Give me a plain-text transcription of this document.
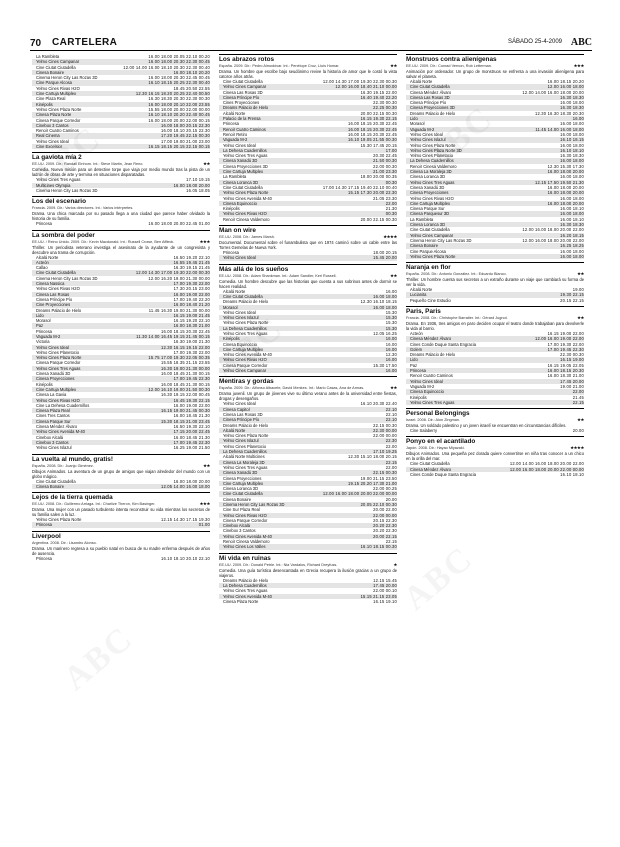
70 CARTELERA	SÁBADO 25-4-2009 ABC
La Rambleta	16.00 18.00 20.05 22.10 00.20
Yelmo Cines Campanar	16.00 18.00 20.30 22.30 00.45
Cine Ciutat Ciutadella	12.00 14.00 16.00 18.10 20.30 22.30 00.40
Cinesa Bonaire	16.00 18.10 20.20
Cinema Heron City Las Rozas 3D	16.00 18.00 20.30 22.45 00.45
Cine Parque Alcosa	16.10 18.15 20.25 22.30 00.40
Yelmo Cines Rivas H2O	18.45 20.50 22.55
Cine Cartuja Multiplex	12.30 16.15 18.20 20.25 22.40 00.50
Cine Plaza Real	16.30 18.30 20.30 22.30 00.30
Kinépolis	16.00 18.00 20.10 22.00 23.55
Yelmo Cines Plaza Norte	15.55 18.00 20.00 22.00 00.00
Cinesa Plaza Norte	16.10 18.10 20.20 22.40 00.45
Cinesa Parque Corredor	16.00 18.00 20.00 22.00 00.15
Cinebox 3 Cantos	16.00 18.00 20.15 22.30
Renoir Cuatro Caminos	16.00 18.10 20.15 22.30
Real Cinema	17.20 19.45 22.15 00.30
Yelmo Cines Ideal	17.00 19.00 21.00 23.00
Cine Excelsior	16.15 18.15 20.15 22.15 00.15
La gaviota mía 2
EE.UU. 2009. Dir.: Randall Einhorn. Int.: Steve Martin, Jean Reno.	★★
Comedia. Nueva misión para un detective torpe que viaja por medio mundo tras la pista de un ladrón de obras de arte y termina en situaciones disparatadas.
Yelmo Cines Tres Aguas	17.10 19.15
Multicines Olympia	16.00 18.00 20.00
Cinema Heron City Las Rozas 3D	16.05 18.05
Los del escenario
Francia. 2009. Dir.: Varios directores. Int.: Varios intérpretes.
Drama. Una chica marcada por su pasado llega a una ciudad que parece haber olvidado la historia de su familia.
Princesa	16.00 18.00 20.00 22.45 01.00
La sombra del poder
EE.UU. / Reino Unido. 2009. Dir.: Kevin Macdonald. Int.: Russell Crowe, Ben Affleck.	★★★
Thriller. Un periodista veterano investiga el asesinato de la ayudante de un congresista y descubre una trama de corrupción.
Alcalá Norte	16.50 19.20 22.10
Acteón	16.55 19.45 21.45
Callao	16.30 19.15 21.45
Cine Ciutat Ciutadella	12.00 14.30 17.00 19.30 22.00 00.30
Cinema Heron City Las Rozas 3D	12.00 16.20 19.00 21.30 00.00
Cinesa Nassica	17.00 19.30 22.00
Yelmo Cines Rivas H2O	17.30 20.15 23.00
Cinesa Las Rosas	16.00 19.00 22.00
Cinesa Príncipe Pío	17.00 19.40 22.20
Cine Proyecciones	16.00 18.40 21.20
Dreams Palacio de Hielo	11.45 16.30 19.00 21.30 00.00
Lido	16.15 19.00 21.45
Morasol	16.15 19.20 22.10
Paz	16.00 18.30 21.00
Princesa	16.00 18.15 20.30 22.45
Vaguada M-2	11.30 14.00 16.45 19.15 21.45 00.15
Victoria	16.30 19.00 21.30
Yelmo Cines Ideal	12.30 16.15 19.15 22.00
Yelmo Cines Planetocio	17.00 19.30 22.00
Yelmo Cines Plaza Norte	15.75 17.00 19.30 22.05 00.35
Cinesa Parque Corredor	15.55 18.35 21.15 23.55
Yelmo Cines Tres Aguas	16.30 19.00 21.30 00.00
Cinesa Xanadú 3D	16.00 18.45 21.30 00.15
Cinesa Proyecciones	17.00 19.45 22.30
Kinépolis	16.00 18.45 21.30 00.15
Cine Cartuja Multiplex	12.00 16.10 19.00 21.50 00.30
Cinesa La Gavia	16.30 19.15 22.00 00.45
Yelmo Cines Rivas H2O	16.45 19.30 22.15
Cine La Dehesa Cuadernillos	16.00 19.00 22.00
Cinesa Plaza Real	16.15 19.00 21.45 00.30
Cines Tres Cantos	16.00 18.45 21.30
Cinesa Parque Sur	15.30 18.15 21.00 23.45
Cinesa Méndez Álvaro	16.50 19.30 22.10
Yelmo Cines Avenida M-40	17.15 20.00 22.45
Cinebox Alcalá	16.00 18.45 21.30
Cinebox 3 Cantos	17.00 19.45 22.30
Yelmo Cines Islazul	16.25 19.00 21.50
La vuelta al mundo, gratis!
España. 2008. Dir.: Juanjo Giménez.	★★
Dibujos Animados. La aventura de un grupo de amigos que viajan alrededor del mundo con un globo mágico.
Cine Ciutat Ciutadella	16.00 18.00 20.00
Cinesa Bonaire	12.05 14.00 16.00 18.00
Lejos de la tierra quemada
EE.UU. 2008. Dir.: Guillermo Arriaga. Int.: Charlize Theron, Kim Basinger.	★★★
Drama. Una mujer con un pasado turbulento intenta reconstruir su vida mientras los secretos de su familia salen a la luz.
Yelmo Cines Plaza Norte	12.15 14.30 17.15 19.30
Princesa	01.00
Liverpool
Argentina. 2008. Dir.: Lisandro Alonso.
Drama. Un marinero regresa a su pueblo natal en busca de su madre enferma después de años de ausencia.
Princesa	16.10 18.10 20.10 22.10
Los abrazos rotos
España. 2009. Dir.: Pedro Almodóvar. Int.: Penélope Cruz, Lluís Homar.	★★
Drama. Un hombre que escribe bajo seudónimo revive la historia de amor que le costó la vista catorce años atrás.
Cine Ciutat Ciutadella	12.00 14.30 17.00 19.30 22.30 00.30
Yelmo Cines Campanar	12.00 16.00 18.40 21.10 00.00
Cinesa Las Rosas 3D	16.30 19.15 22.00
Cinesa Príncipe Pío	16.40 19.40 22.20
Cines Proyecciones	22.30 00.30
Dreams Palacio de Hielo	22.25 00.30
Alcalá Norte	20.00 22.15 00.30
Palacio de la Prensa	16.15 19.30 22.15
Princesa	16.00 18.15 20.30 22.45
Renoir Cuatro Caminos	16.00 18.15 20.30 22.45
Renoir Retiro	16.00 18.15 20.30 22.45
Vaguada M-2	16.10 19.05 21.55 00.30
Yelmo Cines Ideal	15.30 17.45 20.15
La Dehesa Cuadernillos	17.00
Yelmo Cines Tres Aguas	20.30 22.45
Cinesa Xanadú 3D	21.50 00.30
Cinesa Proyecciones 3D	22.00 00.30
Cine Cartuja Multiplex	21.00 23.30
La Rambleta	18.00 20.00 00.35
Cinesa Loranca 3D	00.30
Cine Ciutat Ciutadella	17.00 14.30 17.15 19.40 22.10 00.40
Yelmo Cines Plaza Norte	15.15 17.30 20.00 22.30
Yelmo Cines Avenida M-40	21.05 23.30
Cinesa Equinoccio	22.00
Kinépolis	21.30
Yelmo Cines Rivas H2O	00.30
Renoir Cinesa Valdemoro	20.00 22.15 00.30
Man on wire
EE.UU. 2008. Dir.: James Marsh.	★★★★
Documental. Documental sobre el funambulista que en 1974 caminó sobre un cable entre las Torres Gemelas de Nueva York.
Princesa	18.00 20.15
Yelmo Cines Ideal	15.45 20.00
Más allá de los sueños
EE.UU. 2008. Dir.: Adam Shankman. Int.: Adam Sandler, Keri Russell.	★★
Comedia. Un hombre descubre que las historias que cuenta a sus sobrinos antes de dormir se hacen realidad.
Alcalá Norte	16.00
Cine Ciutat Ciutadella	16.00 18.00
Dreams Palacio de Hielo	12.30 16.10 18.15
Morasol	16.00 18.00
Yelmo Cines Ideal	15.30
Yelmo Cines Islazul	15.30
Yelmo Cines Plaza Norte	15.30
La Dehesa Cuadernillos	15.30
Yelmo Cines Tres Aguas	12.05 16.25
Kinépolis	16.00
Cinesa Equinoccio	16.00
Cine Cartuja Multiplex	16.00
Yelmo Cines Avenida M-40	12.30
Yelmo Cines Rivas H2O	16.00
Cinesa Parque Corredor	15.30 17.50
Yelmo Cines Campanar	16.00
Mentiras y gordas
España. 2009. Dir.: Alfonso Albacete, David Menkes. Int.: Mario Casas, Ana de Armas.	★★
Drama juvenil. Un grupo de jóvenes vive su último verano antes de la universidad entre fiestas, drogas y desengaños.
Yelmo Cines Ideal	16.10 20.30 22.40
Cinesa Capitol	22.10
Cinesa Las Rosas 3D	22.10
Cinesa Príncipe Pío	22.10
Dreams Palacio de Hielo	22.15 00.30
Alcalá Norte	22.30 00.00
Yelmo Cines Plaza Norte	22.00 00.00
Yelmo Cines Islazul	22.30
Yelmo Cines Planetocio	22.00
La Dehesa Cuadernillos	17.10 19.25
Alcalá Norte Multicines	12.30 15.10 18.00 20.15
Cinesa La Moraleja 3D	22.15
Yelmo Cines Tres Aguas	22.00
Cinesa Xanadú 3D	22.15 00.30
Cinesa Proyecciones	19.00 21.15 23.50
Cine Cartuja Multiplex	19.15 20.20 17.30 21.00
Cinesa Loranca 3D	22.00 00.25
Cine Ciutat Ciutadella	12.00 16.00 18.00 20.00 22.00 00.00
Cinesa Bonaire	20.00
Cinema Heron City Las Rozas 3D	20.05 22.10 00.30
Cine Sur Plaza Real	20.00 22.00
Yelmo Cines Rivas H2O	22.00 00.00
Cinesa Parque Corredor	20.15 22.30
Cinebox Alcalá	20.20 22.30
Cinebox 3 Cantos	20.20 22.30
Yelmo Cines Avenida M-40	20.00 22.15
Renoir Cinesa Valdemoro	22.15
Yelmo Cines Los Valles	16.10 18.15 00.30
Mi vida en ruinas
EE.UU. 2009. Dir.: Donald Petrie. Int.: Nia Vardalos, Richard Dreyfuss.	★
Comedia. Una guía turística desencantada en Grecia recupera la ilusión gracias a un grupo de viajeros.
Dreams Palacio de Hielo	12.15 15.45
La Dehesa Cuadernillos	17.45 20.00
Yelmo Cines Tres Aguas	22.00 00.10
Yelmo Cines Avenida M-40	15.15 21.15 23.05
Cinesa Plaza Norte	16.15 19.10
Monstruos contra alienígenas
EE.UU. 2009. Dir.: Conrad Vernon, Rob Letterman.	★★★
Animación por ordenador. Un grupo de monstruos se enfrenta a una invasión alienígena para salvar el planeta.
Alcalá Norte	16.00 18.15 20.20
Cine Ciutat Ciutadella	12.00 16.00 18.00
Cinesa Méndez Álvaro	12.00 14.00 16.00 18.00 20.00
Cinesa Las Rosas 3D	16.30 18.30
Cinesa Príncipe Pío	16.00 18.00
Cinesa Proyecciones 3D	16.30 18.30
Dreams Palacio de Hielo	12.30 16.30 18.30 20.30
Lido	16.00
Morasol	16.00 18.00
Vaguada M-2	11.45 14.00 16.00 18.00
Yelmo Cines Ideal	16.00 18.00
Yelmo Cines Islazul	16.10 18.15
Yelmo Cines Plaza Norte	16.00 18.00
Yelmo Cines Plaza Norte 3D	16.10 18.10
Yelmo Cines Planetocio	16.30 18.30
La Dehesa Cuadernillos	16.00 18.00
Renoir Cinesa Valdemoro	12.30 15.30 17.30
Cinesa La Moraleja 3D	16.00 18.00 20.00
Cinesa Loranca 3D	16.00 18.00
Yelmo Cines Tres Aguas	12.15 17.50 19.50 21.30
Cinesa Xanadú 3D	16.00 18.00 20.00
Cinesa Proyecciones	16.00 18.00 20.00
Yelmo Cines Rivas H2O	16.00 18.00
Cine Cartuja Multiplex	16.00 18.00 20.00
Cinesa Parque Sur	16.00 18.10
Cinesa Parquesur 3D	16.00 18.00
La Rambleta	16.00 18.10
Cinesa Loranca 3D	16.30 18.30
Cine Ciutat Ciutadella	12.00 16.00 18.00 20.00 22.00
Yelmo Cines Campanar	16.20 18.15
Cinema Heron City Las Rozas 3D	12.00 16.00 18.00 20.00 22.00
Cinesa Bonaire	16.25 18.25
Cine Parque Alcosa	16.00 18.00
Yelmo Cines Plaza Norte	16.00 18.00
Naranja en flor
España. 2008. Dir.: Antonio González. Int.: Eduardo Blanco.	★★
Thriller. Un hombre cuenta sus secretos a un extraño durante un viaje que cambiará su forma de ver la vida.
Alcalá Norte	19.00
Lucianita	19.30 22.15
Pequeño Cine Estudio	20.15 22.15
Paris, Paris
Francia. 2008. Dir.: Christophe Barratier. Int.: Gérard Jugnot.	★★
Drama. En 1936, tres amigos en paro deciden ocupar el teatro donde trabajaban para devolverle la vida al barrio.
Acteón	16.15 19.00 22.00
Cinesa Méndez Álvaro	12.00 16.00 19.00 22.00
Cines Conde Duque Santa Engracia	17.00 19.30 22.00
Golem	17.00 19.45 22.30
Dreams Palacio de Hielo	22.30 00.30
Lido	16.15 19.00
Paz	16.15 19.05 22.05
Princesa	16.00 18.15 20.30
Renoir Cuatro Caminos	16.00 18.30 21.00
Yelmo Cines Ideal	17.45 20.00
Vaguada M-2	19.00 21.00
Cinesa Equinoccio	22.00
Kinépolis	21.45
Yelmo Cines Tres Aguas	22.15
Personal Belongings
Israel. 2008. Dir.: Alon Zingman.	★★
Drama. Un soldado palestino y un joven israelí se encuentran en circunstancias difíciles.
Cine Salaberry	20.00
Ponyo en el acantilado
Japón. 2008. Dir.: Hayao Miyazaki.	★★★★
Dibujos Animados. Una pequeña pez dorada quiere convertirse en niña tras conocer a un chico en la orilla del mar.
Cine Ciutat Ciutadella	12.00 14.00 16.00 18.00 20.00 22.00
Cinesa Méndez Álvaro	12.00 16.00 18.00 20.00 22.00 00.00
Cines Conde Duque Santa Engracia	16.10 18.10
